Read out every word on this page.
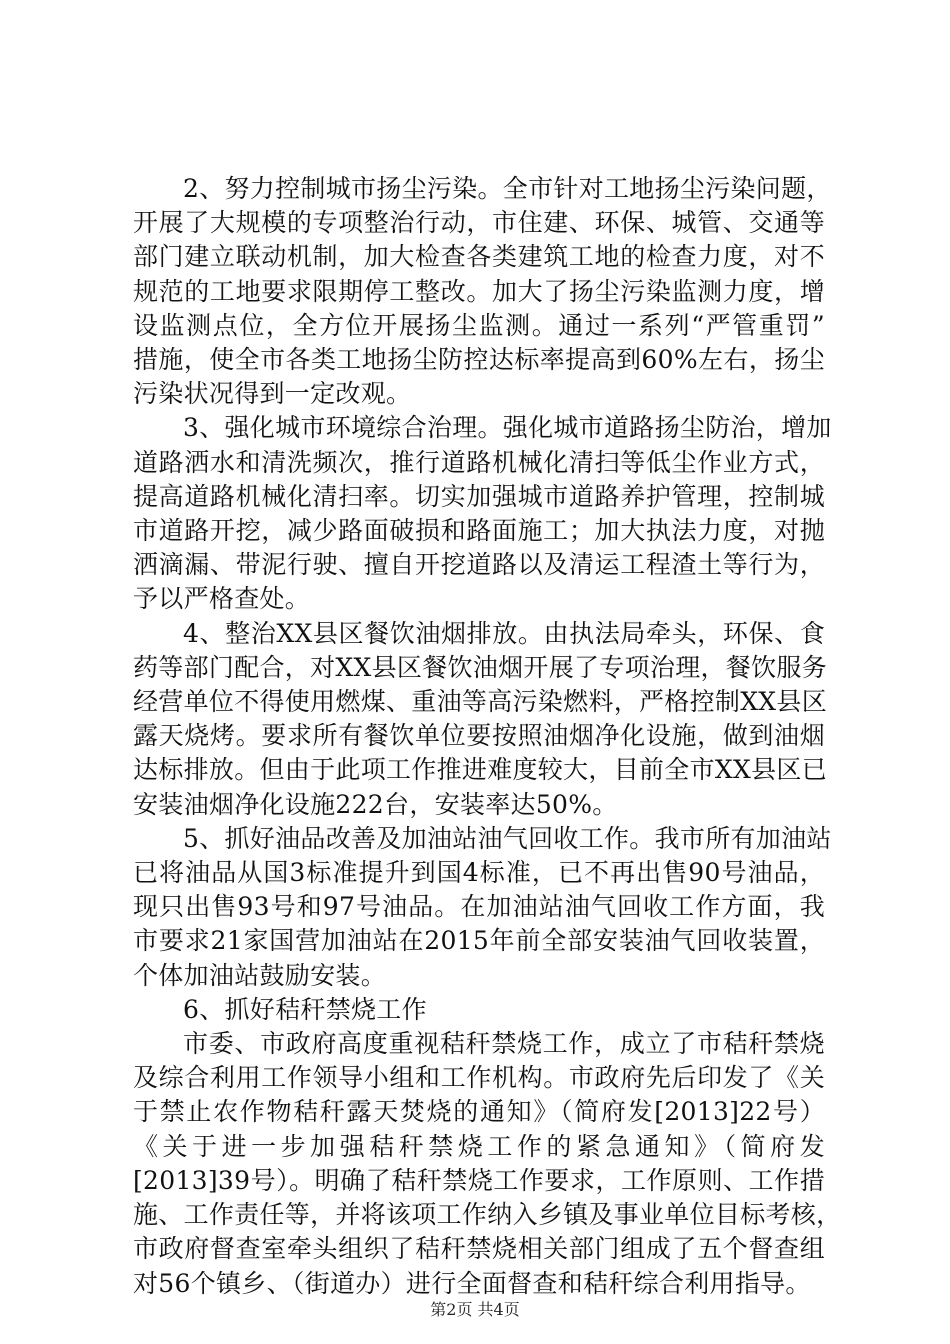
2、努力控制城市扬尘污染。全市针对工地扬尘污染问题，
开展了大规模的专项整治行动，市住建、环保、城管、交通等
部门建立联动机制，加大检查各类建筑工地的检查力度，对不
规范的工地要求限期停工整改。加大了扬尘污染监测力度，增
设监测点位，全方位开展扬尘监测。通过一系列“严管重罚”
措施，使全市各类工地扬尘防控达标率提高到60%左右，扬尘
污染状况得到一定改观。

3、强化城市环境综合治理。强化城市道路扬尘防治，增加
道路洒水和清洗频次，推行道路机械化清扫等低尘作业方式，
提高道路机械化清扫率。切实加强城市道路养护管理，控制城
市道路开挖，减少路面破损和路面施工；加大执法力度，对抛
洒滴漏、带泥行驶、擅自开挖道路以及清运工程渣土等行为，
予以严格查处。

4、整治XX县区餐饮油烟排放。由执法局牵头，环保、食
药等部门配合，对XX县区餐饮油烟开展了专项治理，餐饮服务
经营单位不得使用燃煤、重油等高污染燃料，严格控制XX县区
露天烧烤。要求所有餐饮单位要按照油烟净化设施，做到油烟
达标排放。但由于此项工作推进难度较大，目前全市XX县区已
安装油烟净化设施222台，安装率达50%。

5、抓好油品改善及加油站油气回收工作。我市所有加油站
已将油品从国3标准提升到国4标准，已不再出售90号油品，
现只出售93号和97号油品。在加油站油气回收工作方面，我
市要求21家国营加油站在2015年前全部安装油气回收装置，
个体加油站鼓励安装。

6、抓好秸秆禁烧工作

市委、市政府高度重视秸秆禁烧工作，成立了市秸秆禁烧
及综合利用工作领导小组和工作机构。市政府先后印发了《关
于禁止农作物秸秆露天焚烧的通知》（简府发[2013]22号）
《关于进一步加强秸秆禁烧工作的紧急通知》（简府发
[2013]39号）。明确了秸秆禁烧工作要求，工作原则、工作措
施、工作责任等，并将该项工作纳入乡镇及事业单位目标考核，
市政府督查室牵头组织了秸秆禁烧相关部门组成了五个督查组
对56个镇乡、（街道办）进行全面督查和秸秆综合利用指导。

第2页 共4页
